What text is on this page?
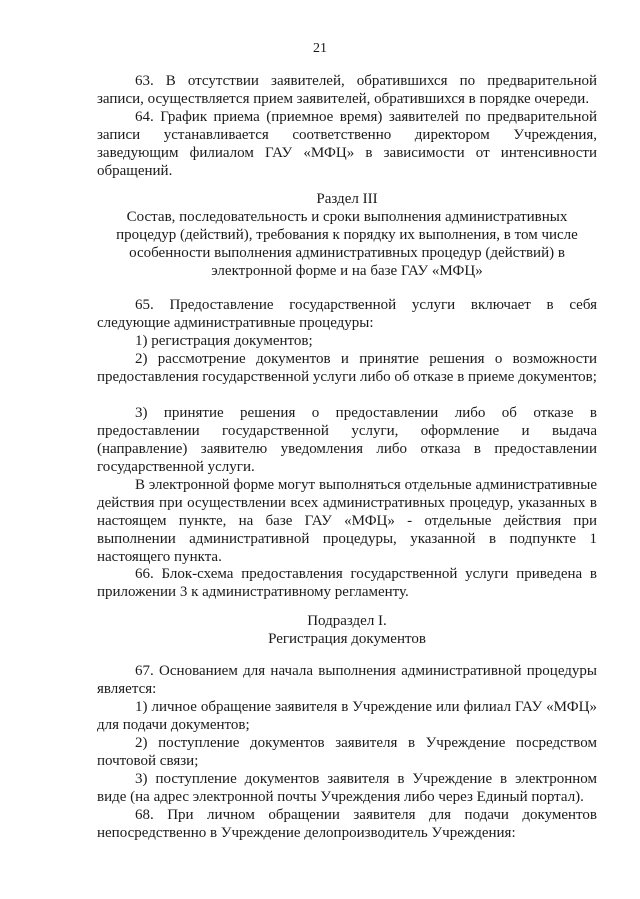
21

63. В отсутствии заявителей, обратившихся по предварительной записи, осуществляется прием заявителей, обратившихся в порядке очереди.

64. График приема (приемное время) заявителей по предварительной записи устанавливается соответственно директором Учреждения, заведующим филиалом ГАУ «МФЦ» в зависимости от интенсивности обращений.

Раздел III

Состав, последовательность и сроки выполнения административных процедур (действий), требования к порядку их выполнения, в том числе особенности выполнения административных процедур (действий) в электронной форме и на базе ГАУ «МФЦ»

65. Предоставление государственной услуги включает в себя следующие административные процедуры:

1) регистрация документов;

2) рассмотрение документов и принятие решения о возможности предоставления государственной услуги либо об отказе в приеме документов;

3) принятие решения о предоставлении либо об отказе в предоставлении государственной услуги, оформление и выдача (направление) заявителю уведомления либо отказа в предоставлении государственной услуги.

В электронной форме могут выполняться отдельные административные действия при осуществлении всех административных процедур, указанных в настоящем пункте, на базе ГАУ «МФЦ» - отдельные действия при выполнении административной процедуры, указанной в подпункте 1 настоящего пункта.

66. Блок-схема предоставления государственной услуги приведена в приложении 3 к административному регламенту.

Подраздел I.

Регистрация документов

67. Основанием для начала выполнения административной процедуры является:

1) личное обращение заявителя в Учреждение или филиал ГАУ «МФЦ» для подачи документов;

2) поступление документов заявителя в Учреждение посредством почтовой связи;

3) поступление документов заявителя в Учреждение в электронном виде (на адрес электронной почты Учреждения либо через Единый портал).

68. При личном обращении заявителя для подачи документов непосредственно в Учреждение делопроизводитель Учреждения:
